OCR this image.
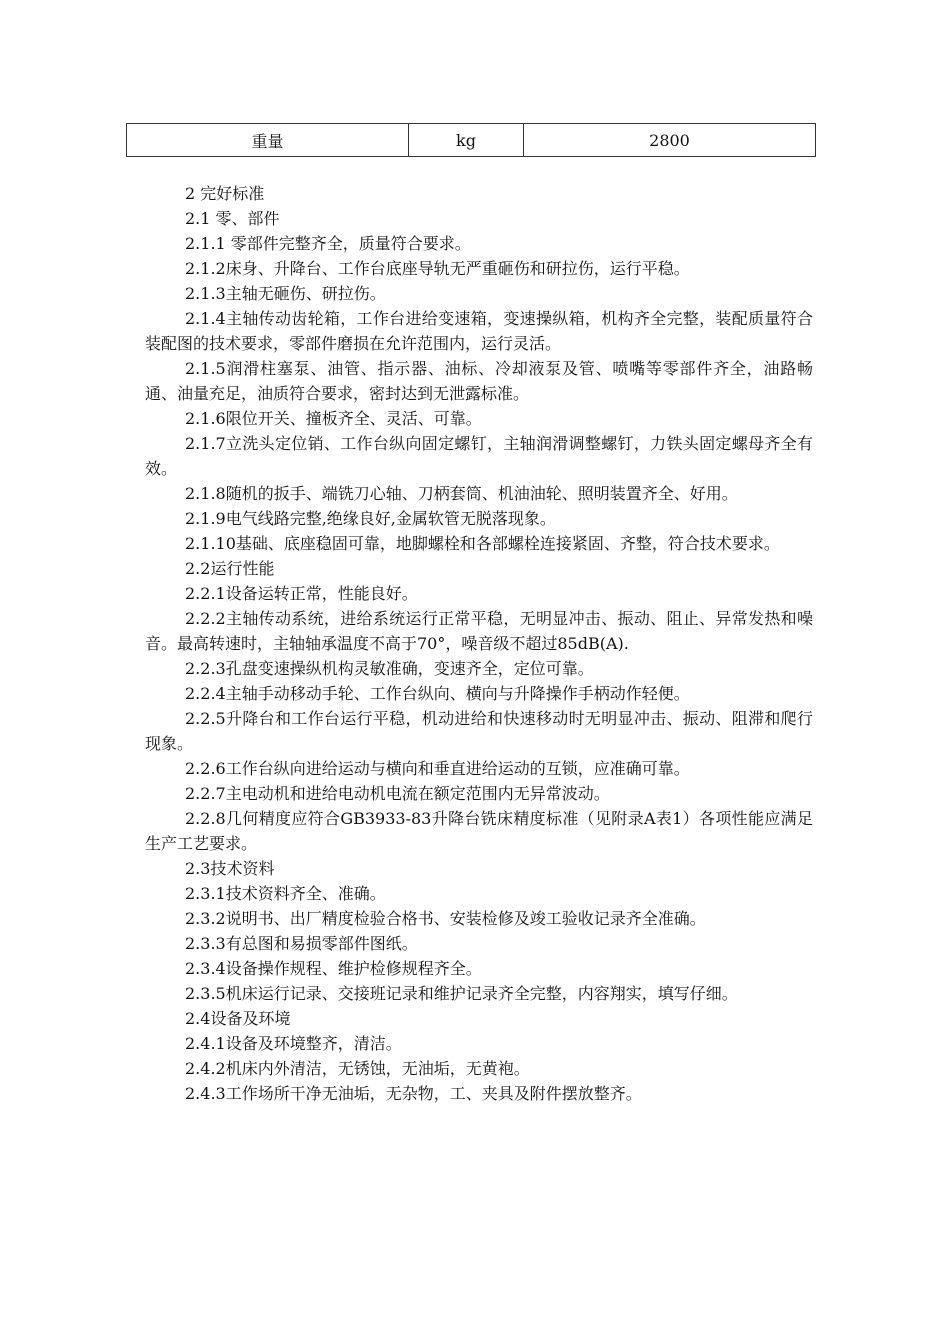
重量	kg	2800

2 完好标准

2.1 零、部件

2.1.1 零部件完整齐全，质量符合要求。

2.1.2床身、升降台、工作台底座导轨无严重砸伤和研拉伤，运行平稳。

2.1.3主轴无砸伤、研拉伤。

2.1.4主轴传动齿轮箱，工作台进给变速箱，变速操纵箱，机构齐全完整，装配质量符合装配图的技术要求，零部件磨损在允许范围内，运行灵活。

2.1.5润滑柱塞泵、油管、指示器、油标、冷却液泵及管、喷嘴等零部件齐全，油路畅通、油量充足，油质符合要求，密封达到无泄露标准。

2.1.6限位开关、撞板齐全、灵活、可靠。

2.1.7立洗头定位销、工作台纵向固定螺钉，主轴润滑调整螺钉，力铁头固定螺母齐全有效。

2.1.8随机的扳手、端铣刀心轴、刀柄套筒、机油油轮、照明装置齐全、好用。

2.1.9电气线路完整,绝缘良好,金属软管无脱落现象。

2.1.10基础、底座稳固可靠，地脚螺栓和各部螺栓连接紧固、齐整，符合技术要求。

2.2运行性能

2.2.1设备运转正常，性能良好。

2.2.2主轴传动系统，进给系统运行正常平稳，无明显冲击、振动、阻止、异常发热和噪音。最高转速时，主轴轴承温度不高于70°，噪音级不超过85dB(A).

2.2.3孔盘变速操纵机构灵敏准确，变速齐全，定位可靠。

2.2.4主轴手动移动手轮、工作台纵向、横向与升降操作手柄动作轻便。

2.2.5升降台和工作台运行平稳，机动进给和快速移动时无明显冲击、振动、阻滞和爬行现象。

2.2.6工作台纵向进给运动与横向和垂直进给运动的互锁，应准确可靠。

2.2.7主电动机和进给电动机电流在额定范围内无异常波动。

2.2.8几何精度应符合GB3933-83升降台铣床精度标准（见附录A表1）各项性能应满足生产工艺要求。

2.3技术资料

2.3.1技术资料齐全、准确。

2.3.2说明书、出厂精度检验合格书、安装检修及竣工验收记录齐全准确。

2.3.3有总图和易损零部件图纸。

2.3.4设备操作规程、维护检修规程齐全。

2.3.5机床运行记录、交接班记录和维护记录齐全完整，内容翔实，填写仔细。

2.4设备及环境

2.4.1设备及环境整齐，清洁。

2.4.2机床内外清洁，无锈蚀，无油垢，无黄袍。

2.4.3工作场所干净无油垢，无杂物，工、夹具及附件摆放整齐。
